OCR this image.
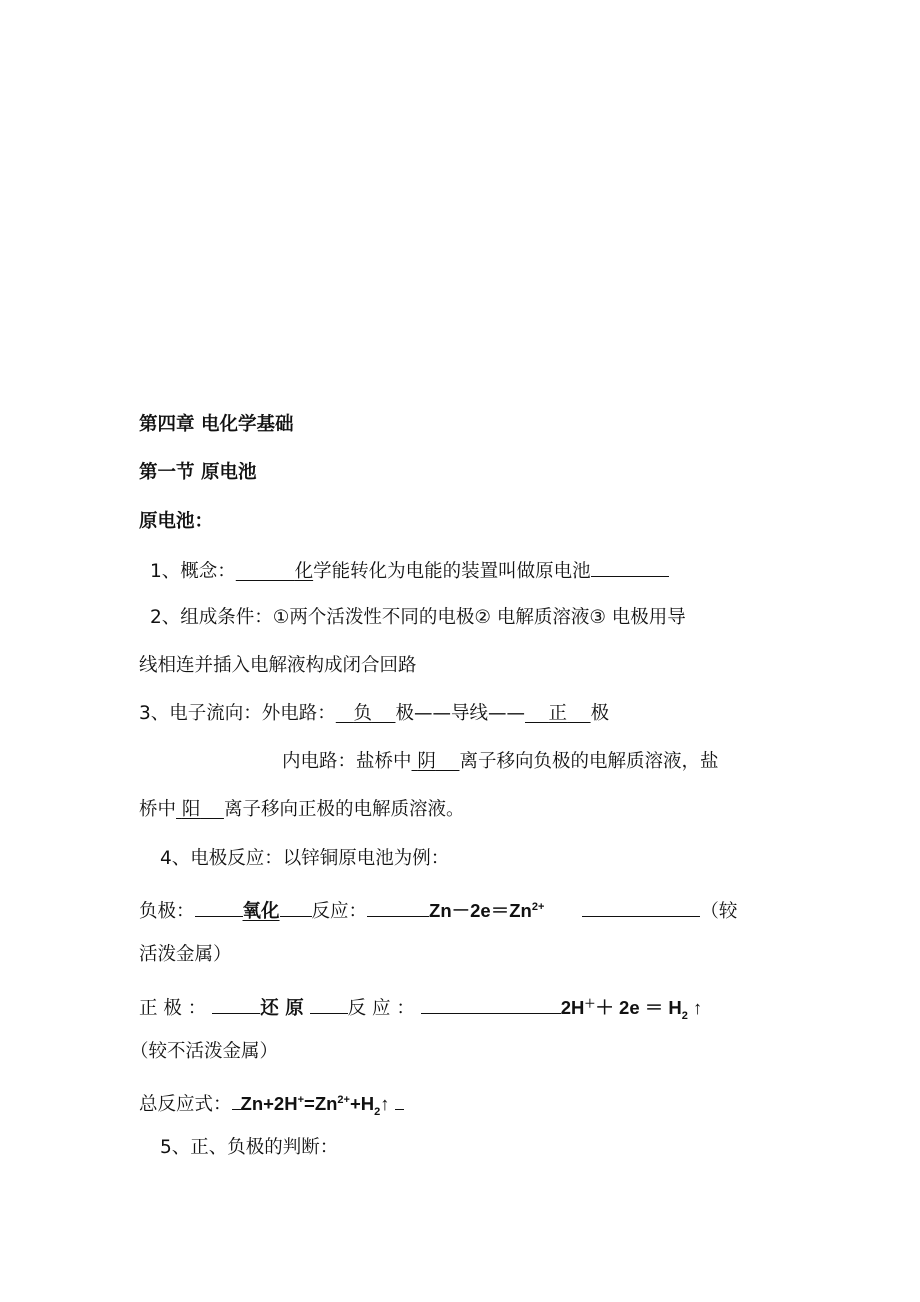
第四章 电化学基础
第一节 原电池
原电池：
1、概念：	化学能转化为电能的装置叫做原电池
2、组成条件：①两个活泼性不同的电极② 电解质溶液③ 电极用导
线相连并插入电解液构成闭合回路
3、电子流向：外电路： 负 极——导线—— 正 极
内电路：盐桥中 阴 离子移向负极的电解质溶液，盐
桥中 阳 离子移向正极的电解质溶液。
4、电极反应：以锌铜原电池为例：
负极：	氧化 反应：	$Zn-2e=Zn^{2+}$	（较
活泼金属）
正 极 ：	还 原 反 应 ：	$2H^++ 2e = H_2$ ↑
（较不活泼金属）
总反应式： $Zn+2H^+=Zn^{2+}+H_2↑$
5、正、负极的判断：
